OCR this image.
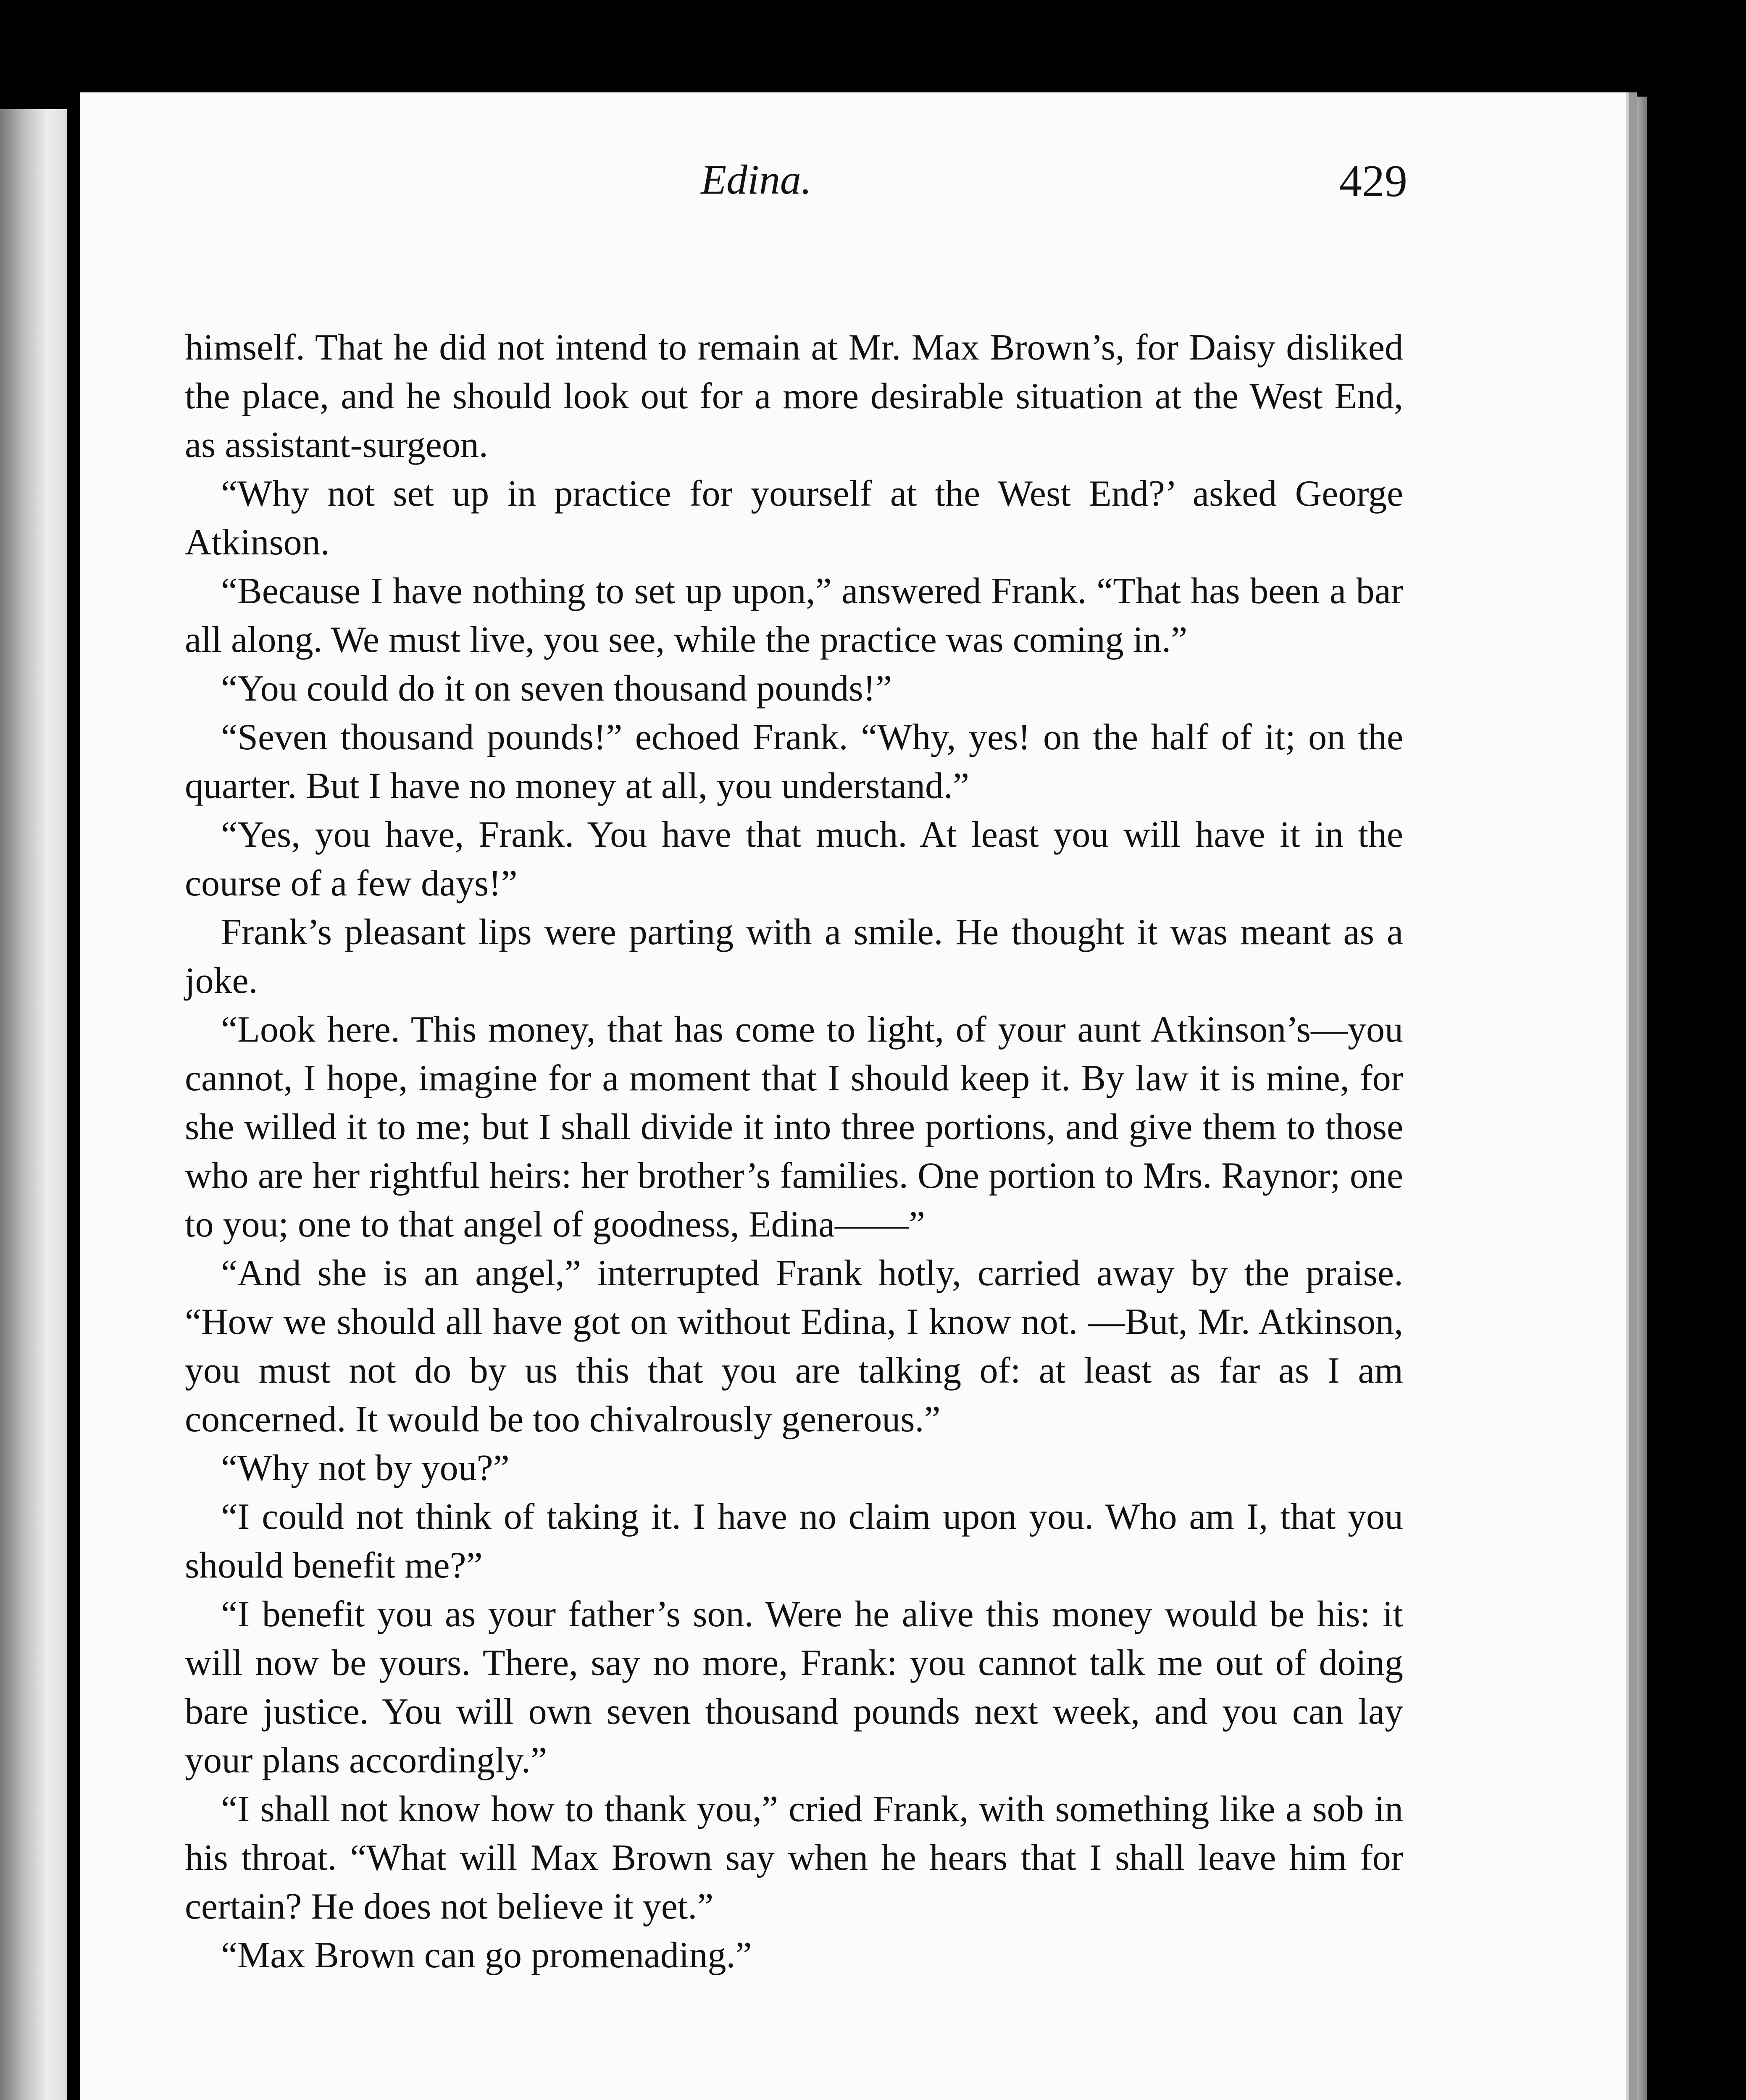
Edina.	429

himself. That he did not intend to remain at Mr. Max Brown’s, for Daisy disliked the place, and he should look out for a more desirable situation at the West End, as assistant-surgeon.

“Why not set up in practice for yourself at the West End?’ asked George Atkinson.

“Because I have nothing to set up upon,” answered Frank. “That has been a bar all along. We must live, you see, while the practice was coming in.”

“You could do it on seven thousand pounds!”

“Seven thousand pounds!” echoed Frank. “Why, yes! on the half of it; on the quarter. But I have no money at all, you understand.”

“Yes, you have, Frank. You have that much. At least you will have it in the course of a few days!”

Frank’s pleasant lips were parting with a smile. He thought it was meant as a joke.

“Look here. This money, that has come to light, of your aunt Atkinson’s—you cannot, I hope, imagine for a moment that I should keep it. By law it is mine, for she willed it to me; but I shall divide it into three portions, and give them to those who are her rightful heirs: her brother’s families. One portion to Mrs. Raynor; one to you; one to that angel of goodness, Edina——”

“And she is an angel,” interrupted Frank hotly, carried away by the praise. “How we should all have got on without Edina, I know not. —But, Mr. Atkinson, you must not do by us this that you are talking of: at least as far as I am concerned. It would be too chivalrously generous.”

“Why not by you?”

“I could not think of taking it. I have no claim upon you. Who am I, that you should benefit me?”

“I benefit you as your father’s son. Were he alive this money would be his: it will now be yours. There, say no more, Frank: you cannot talk me out of doing bare justice. You will own seven thousand pounds next week, and you can lay your plans accordingly.”

“I shall not know how to thank you,” cried Frank, with something like a sob in his throat. “What will Max Brown say when he hears that I shall leave him for certain? He does not believe it yet.”

“Max Brown can go promenading.”
